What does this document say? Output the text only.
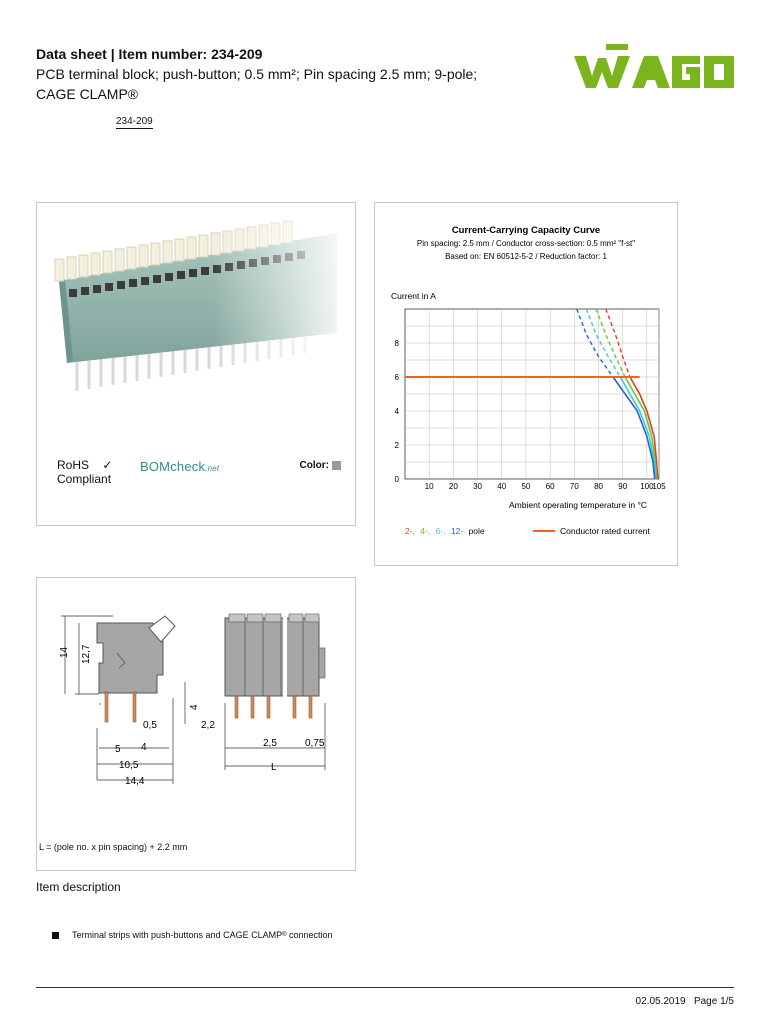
Data sheet | Item number: 234-209
PCB terminal block; push-button; 0.5 mm²; Pin spacing 2.5 mm; 9-pole;
CAGE CLAMP®
234-209
WAGO
RoHS ✓
Compliant
BOMcheck.net	Color:
Current-Carrying Capacity Curve
Pin spacing: 2.5 mm / Conductor cross-section: 0.5 mm² "f-st"
Based on: EN 60512-5-2 / Reduction factor: 1
Current in A
Ambient operating temperature in °C
10 20 30 40 50 60 70 80 90 100
105
0
2
4
6
8
2-, 4-, 6-, 12- pole	Conductor rated current
14 12,7
4
0,5	2,2
5 4
10,5
14,4
2,5	0,75
L
L = (pole no. x pin spacing) + 2.2 mm
Item description
Terminal strips with push-buttons and CAGE CLAMP ® connection
02.05.2019 Page 1/5
